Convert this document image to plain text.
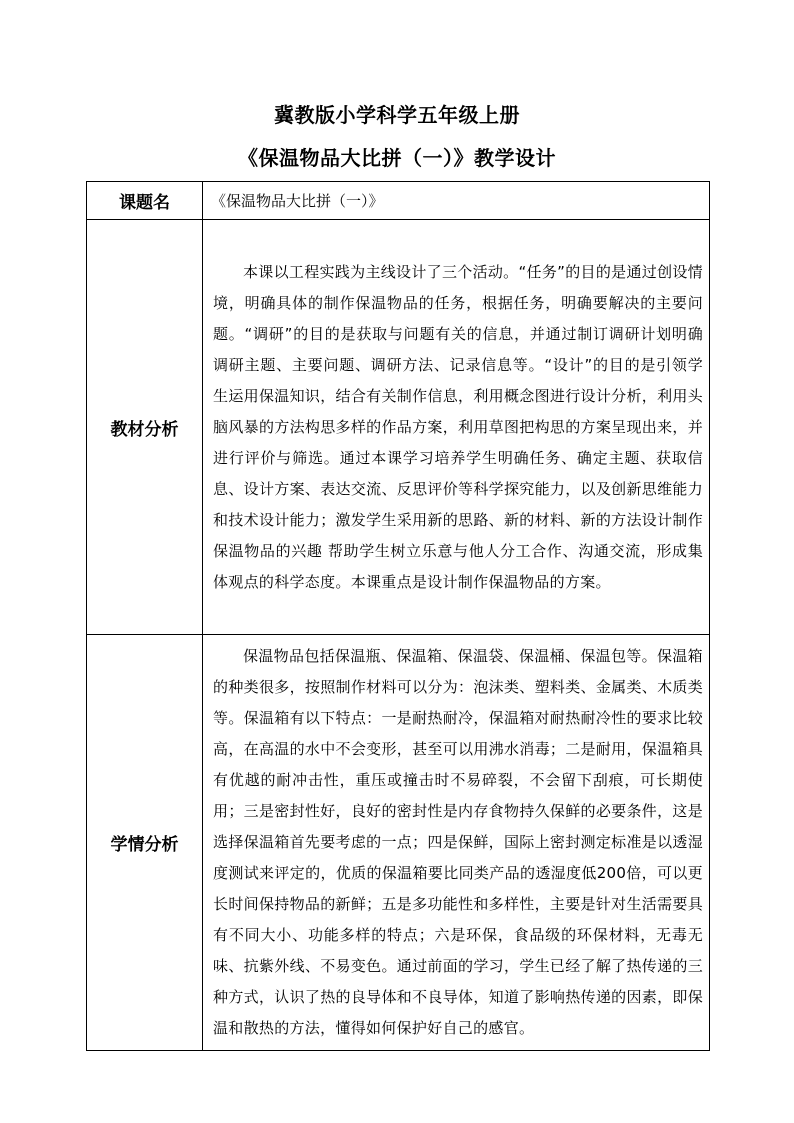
冀教版小学科学五年级上册
《保温物品大比拼（一）》教学设计
课题名	《保温物品大比拼（一）》

教材分析	本课以工程实践为主线设计了三个活动。“任务”的目的是通过创设情境，明确具体的制作保温物品的任务，根据任务，明确要解决的主要问题。“调研”的目的是获取与问题有关的信息，并通过制订调研计划明确调研主题、主要问题、调研方法、记录信息等。“设计”的目的是引领学生运用保温知识，结合有关制作信息，利用概念图进行设计分析，利用头脑风暴的方法构思多样的作品方案，利用草图把构思的方案呈现出来，并进行评价与筛选。通过本课学习培养学生明确任务、确定主题、获取信息、设计方案、表达交流、反思评价等科学探究能力，以及创新思维能力和技术设计能力；激发学生采用新的思路、新的材料、新的方法设计制作保温物品的兴趣 帮助学生树立乐意与他人分工合作、沟通交流，形成集体观点的科学态度。本课重点是设计制作保温物品的方案。

学情分析	保温物品包括保温瓶、保温箱、保温袋、保温桶、保温包等。保温箱的种类很多，按照制作材料可以分为：泡沫类、塑料类、金属类、木质类等。保温箱有以下特点：一是耐热耐冷，保温箱对耐热耐冷性的要求比较高，在高温的水中不会变形，甚至可以用沸水消毒；二是耐用，保温箱具有优越的耐冲击性，重压或撞击时不易碎裂，不会留下刮痕，可长期使用；三是密封性好，良好的密封性是内存食物持久保鲜的必要条件，这是选择保温箱首先要考虑的一点；四是保鲜，国际上密封测定标准是以透湿度测试来评定的，优质的保温箱要比同类产品的透湿度低200倍，可以更长时间保持物品的新鲜；五是多功能性和多样性，主要是针对生活需要具有不同大小、功能多样的特点；六是环保，食品级的环保材料，无毒无味、抗紫外线、不易变色。通过前面的学习，学生已经了解了热传递的三种方式，认识了热的良导体和不良导体，知道了影响热传递的因素，即保温和散热的方法，懂得如何保护好自己的感官。
